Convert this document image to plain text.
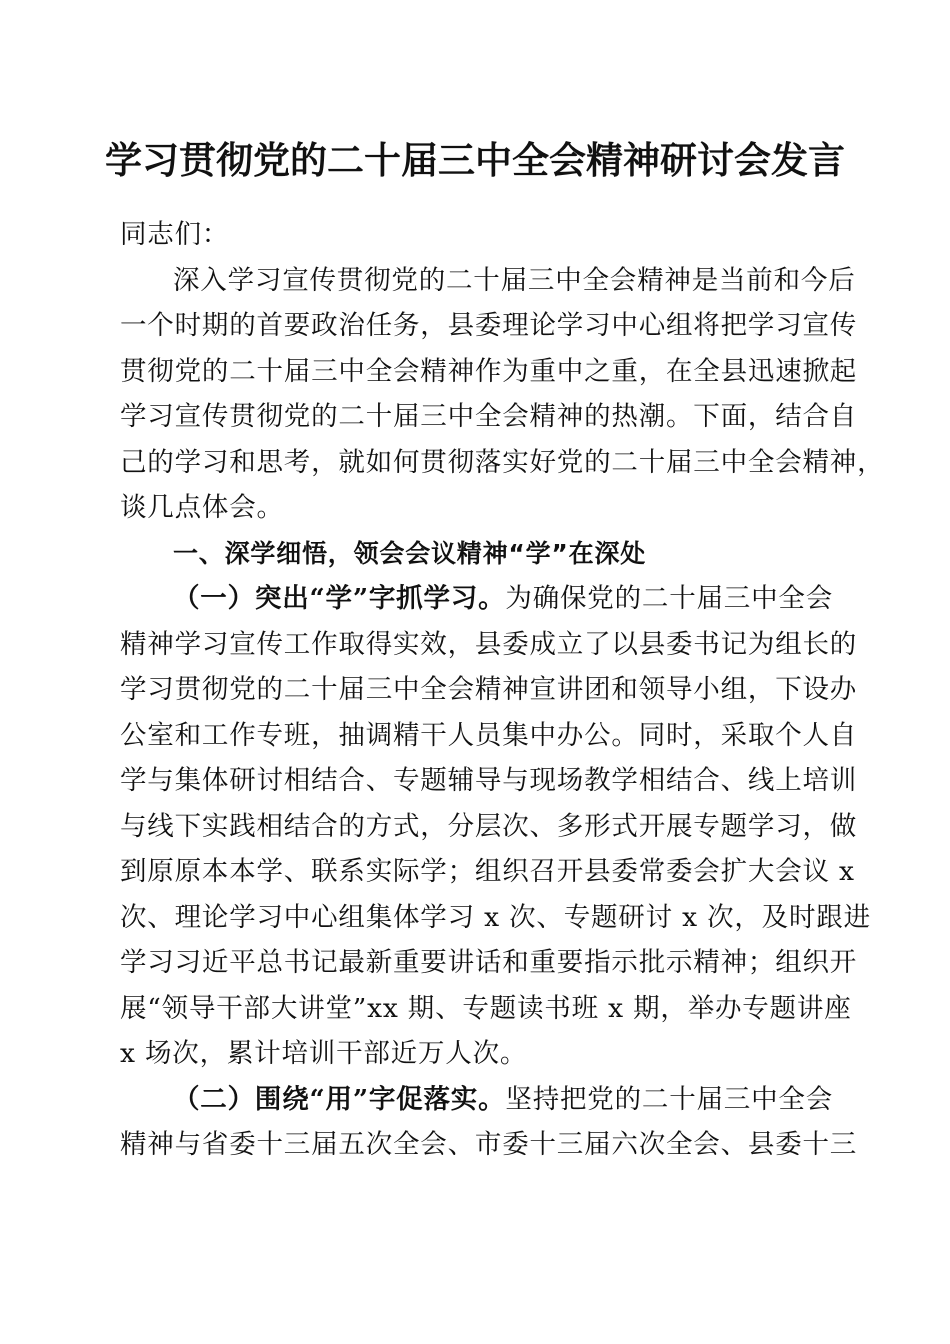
学习贯彻党的二十届三中全会精神研讨会发言
同志们：
深入学习宣传贯彻党的二十届三中全会精神是当前和今后
一个时期的首要政治任务，县委理论学习中心组将把学习宣传
贯彻党的二十届三中全会精神作为重中之重，在全县迅速掀起
学习宣传贯彻党的二十届三中全会精神的热潮。下面，结合自
己的学习和思考，就如何贯彻落实好党的二十届三中全会精神，
谈几点体会。
一、深学细悟，领会会议精神“学”在深处
（一）突出“学”字抓学习。为确保党的二十届三中全会
精神学习宣传工作取得实效，县委成立了以县委书记为组长的
学习贯彻党的二十届三中全会精神宣讲团和领导小组，下设办
公室和工作专班，抽调精干人员集中办公。同时，采取个人自
学与集体研讨相结合、专题辅导与现场教学相结合、线上培训
与线下实践相结合的方式，分层次、多形式开展专题学习，做
到原原本本学、联系实际学；组织召开县委常委会扩大会议 x
次、理论学习中心组集体学习 x 次、专题研讨 x 次，及时跟进
学习习近平总书记最新重要讲话和重要指示批示精神；组织开
展“领导干部大讲堂”xx 期、专题读书班 x 期，举办专题讲座
x 场次，累计培训干部近万人次。
（二）围绕“用”字促落实。坚持把党的二十届三中全会
精神与省委十三届五次全会、市委十三届六次全会、县委十三
